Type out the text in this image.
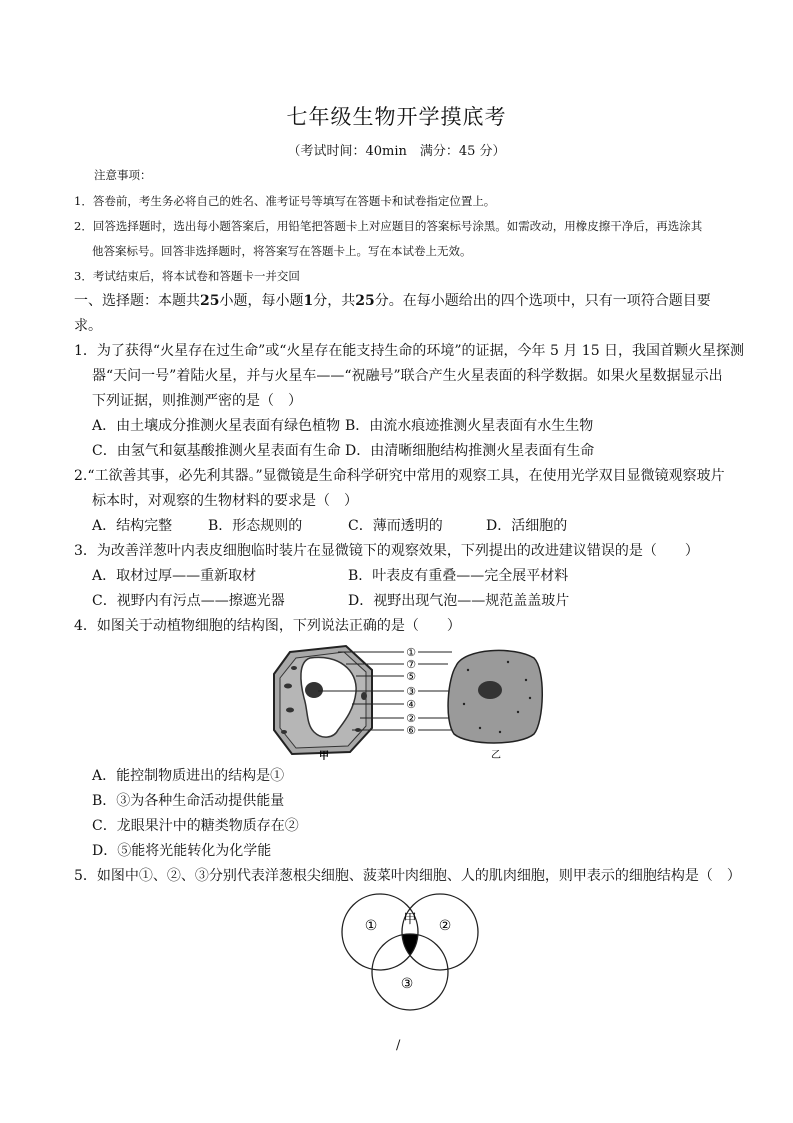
七年级生物开学摸底考
（考试时间：40min　满分：45 分）
注意事项：
1．答卷前，考生务必将自己的姓名、准考证号等填写在答题卡和试卷指定位置上。
2．回答选择题时，选出每小题答案后，用铅笔把答题卡上对应题目的答案标号涂黑。如需改动，用橡皮擦干净后，再选涂其
他答案标号。回答非选择题时，将答案写在答题卡上。写在本试卷上无效。
3．考试结束后，将本试卷和答题卡一并交回
一、选择题：本题共25小题，每小题1分，共25分。在每小题给出的四个选项中，只有一项符合题目要
求。
1．为了获得“火星存在过生命”或“火星存在能支持生命的环境”的证据，今年 5 月 15 日，我国首颗火星探测
器“天问一号”着陆火星，并与火星车——“祝融号”联合产生火星表面的科学数据。如果火星数据显示出
下列证据，则推测严密的是（　）
A．由土壤成分推测火星表面有绿色植物 B．由流水痕迹推测火星表面有水生生物
C．由氢气和氨基酸推测火星表面有生命 D．由清晰细胞结构推测火星表面有生命
2.“工欲善其事，必先利其器。”显微镜是生命科学研究中常用的观察工具，在使用光学双目显微镜观察玻片
标本时，对观察的生物材料的要求是（　）
A．结构完整	B．形态规则的	C．薄而透明的	D．活细胞的
3．为改善洋葱叶内表皮细胞临时装片在显微镜下的观察效果，下列提出的改进建议错误的是（　　）
A．取材过厚——重新取材	B．叶表皮有重叠——完全展平材料
C．视野内有污点——擦遮光器	D．视野出现气泡——规范盖盖玻片
4．如图关于动植物细胞的结构图，下列说法正确的是（　　）
①
⑦
⑤
③
④
②
⑥
甲	乙
A．能控制物质进出的结构是①
B．③为各种生命活动提供能量
C．龙眼果汁中的糖类物质存在②
D．⑤能将光能转化为化学能
5．如图中①、②、③分别代表洋葱根尖细胞、菠菜叶肉细胞、人的肌肉细胞，则甲表示的细胞结构是（　）
①	②
③
甲
/
